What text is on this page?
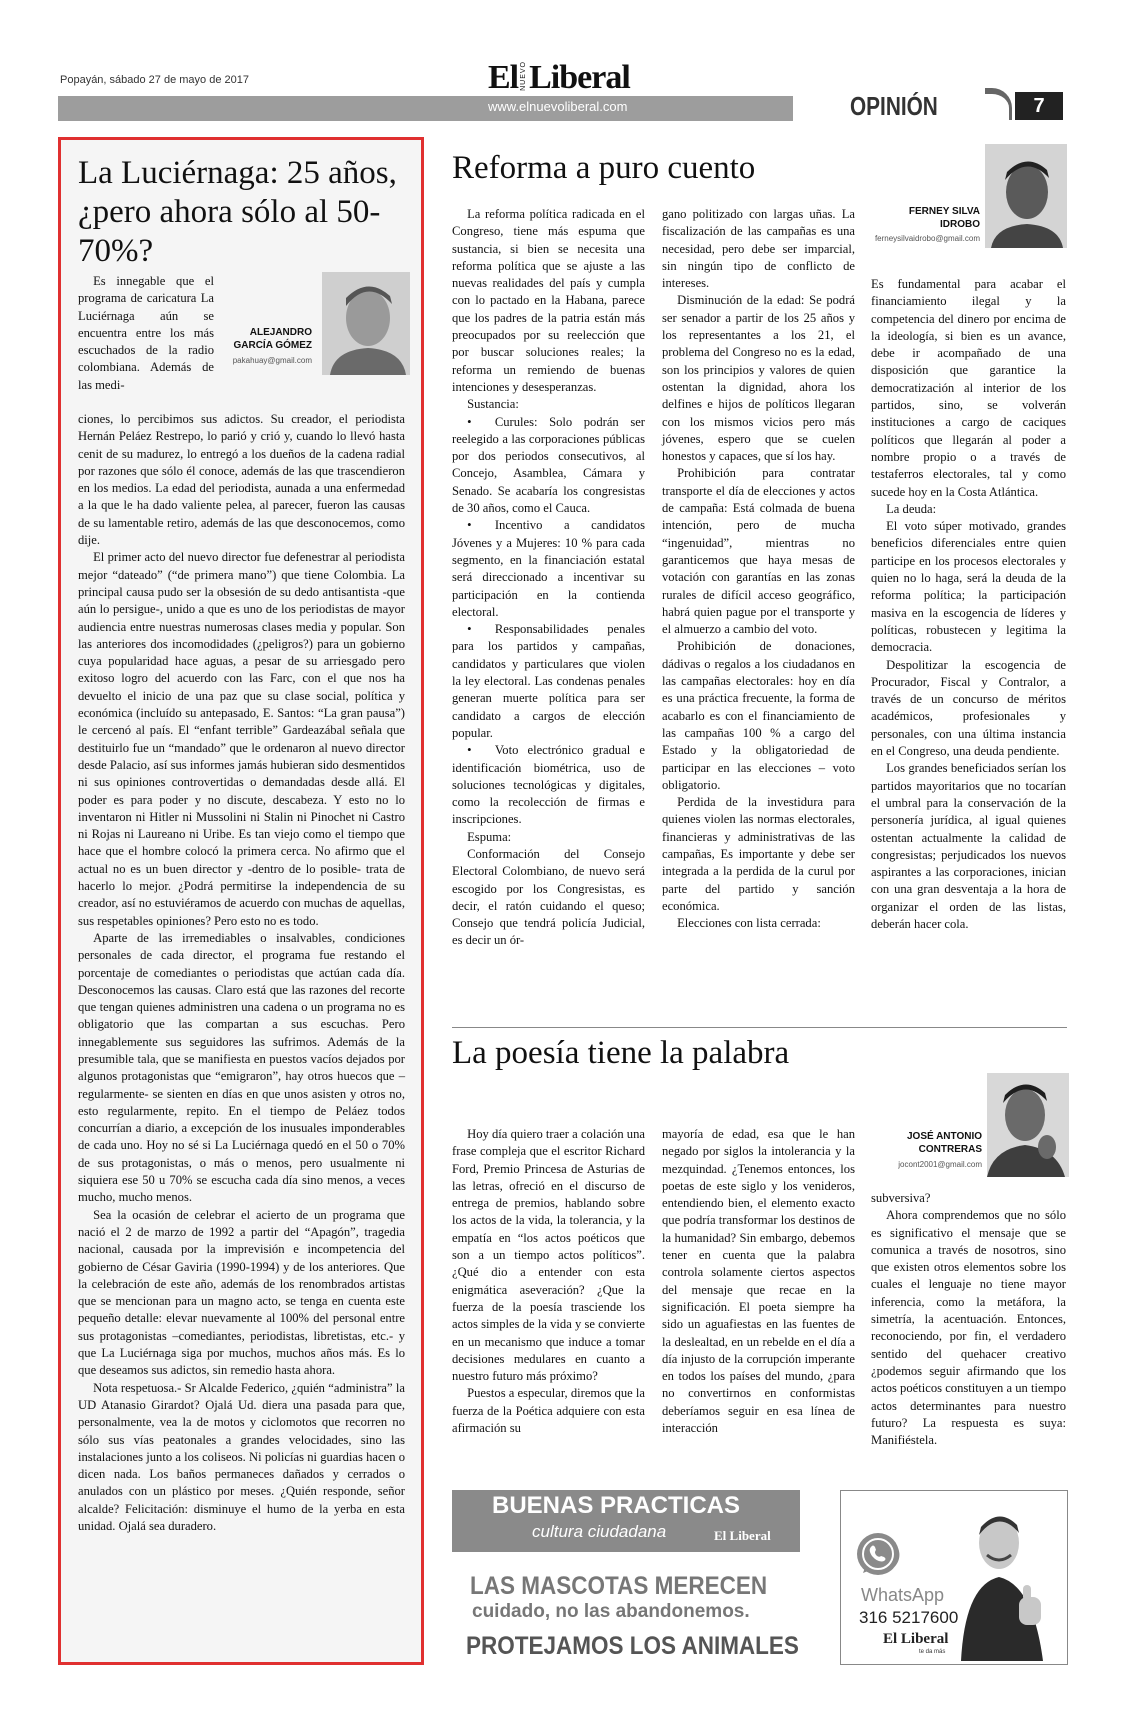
Popayán, sábado 27 de mayo de 2017	El NUEVO Liberal
www.elnuevoliberal.com	OPINIÓN	7
La Luciérnaga: 25 años, ¿pero ahora sólo al 50-70%?
ALEJANDRO GARCÍA GÓMEZ
pakahuay@gmail.com

Es innegable que el programa de caricatura La Luciérnaga aún se encuentra entre los más escuchados de la radio colombiana. Además de las medi-

ciones, lo percibimos sus adictos. Su creador, el periodista Hernán Peláez Restrepo, lo parió y crió y, cuando lo llevó hasta cenit de su madurez, lo entregó a los dueños de la cadena radial por razones que sólo él conoce, además de las que trascendieron en los medios. La edad del periodista, aunada a una enfermedad a la que le ha dado valiente pelea, al parecer, fueron las causas de su lamentable retiro, además de las que desconocemos, como dije.

El primer acto del nuevo director fue defenestrar al periodista mejor “dateado” (“de primera mano”) que tiene Colombia. La principal causa pudo ser la obsesión de su dedo antisantista -que aún lo persigue-, unido a que es uno de los periodistas de mayor audiencia entre nuestras numerosas clases media y popular. Son las anteriores dos incomodidades (¿peligros?) para un gobierno cuya popularidad hace aguas, a pesar de su arriesgado pero exitoso logro del acuerdo con las Farc, con el que nos ha devuelto el inicio de una paz que su clase social, política y económica (incluído su antepasado, E. Santos: “La gran pausa”) le cercenó al país. El “enfant terrible” Gardeazábal señala que destituirlo fue un “mandado” que le ordenaron al nuevo director desde Palacio, así sus informes jamás hubieran sido desmentidos ni sus opiniones controvertidas o demandadas desde allá. El poder es para poder y no discute, descabeza. Y esto no lo inventaron ni Hitler ni Mussolini ni Stalin ni Pinochet ni Castro ni Rojas ni Laureano ni Uribe. Es tan viejo como el tiempo que hace que el hombre colocó la primera cerca. No afirmo que el actual no es un buen director y -dentro de lo posible- trata de hacerlo lo mejor. ¿Podrá permitirse la independencia de su creador, así no estuviéramos de acuerdo con muchas de aquellas, sus respetables opiniones? Pero esto no es todo.

Aparte de las irremediables o insalvables, condiciones personales de cada director, el programa fue restando el porcentaje de comediantes o periodistas que actúan cada día. Desconocemos las causas. Claro está que las razones del recorte que tengan quienes administren una cadena o un programa no es obligatorio que las compartan a sus escuchas. Pero innegablemente sus seguidores las sufrimos. Además de la presumible tala, que se manifiesta en puestos vacíos dejados por algunos protagonistas que “emigraron”, hay otros huecos que –regularmente- se sienten en días en que unos asisten y otros no, esto regularmente, repito. En el tiempo de Peláez todos concurrían a diario, a excepción de los inusuales imponderables de cada uno. Hoy no sé si La Luciérnaga quedó en el 50 o 70% de sus protagonistas, o más o menos, pero usualmente ni siquiera ese 50 u 70% se escucha cada día sino menos, a veces mucho, mucho menos.

Sea la ocasión de celebrar el acierto de un programa que nació el 2 de marzo de 1992 a partir del “Apagón”, tragedia nacional, causada por la imprevisión e incompetencia del gobierno de César Gaviria (1990-1994) y de los anteriores. Que la celebración de este año, además de los renombrados artistas que se mencionan para un magno acto, se tenga en cuenta este pequeño detalle: elevar nuevamente al 100% del personal entre sus protagonistas –comediantes, periodistas, libretistas, etc.- y que La Luciérnaga siga por muchos, muchos años más. Es lo que deseamos sus adictos, sin remedio hasta ahora.

Nota respetuosa.- Sr Alcalde Federico, ¿quién “administra” la UD Atanasio Girardot? Ojalá Ud. diera una pasada para que, personalmente, vea la de motos y ciclomotos que recorren no sólo sus vías peatonales a grandes velocidades, sino las instalaciones junto a los coliseos. Ni policías ni guardias hacen o dicen nada. Los baños permaneces dañados y cerrados o anulados con un plástico por meses. ¿Quién responde, señor alcalde? Felicitación: disminuye el humo de la yerba en esta unidad. Ojalá sea duradero.

Reforma a puro cuento
FERNEY SILVA IDROBO
ferneysilvaidrobo@gmail.com

La reforma política radicada en el Congreso, tiene más espuma que sustancia, si bien se necesita una reforma política que se ajuste a las nuevas realidades del país y cumpla con lo pactado en la Habana, parece que los padres de la patria están más preocupados por su reelección que por buscar soluciones reales; la reforma un remiendo de buenas intenciones y desesperanzas.

Sustancia:

• Curules: Solo podrán ser reelegido a las corporaciones públicas por dos periodos consecutivos, al Concejo, Asamblea, Cámara y Senado. Se acabaría los congresistas de 30 años, como el Cauca.

• Incentivo a candidatos Jóvenes y a Mujeres: 10 % para cada segmento, en la financiación estatal será direccionado a incentivar su participación en la contienda electoral.

• Responsabilidades penales para los partidos y campañas, candidatos y particulares que violen la ley electoral. Las condenas penales generan muerte política para ser candidato a cargos de elección popular.

• Voto electrónico gradual e identificación biométrica, uso de soluciones tecnológicas y digitales, como la recolección de firmas e inscripciones.

Espuma:

Conformación del Consejo Electoral Colombiano, de nuevo será escogido por los Congresistas, es decir, el ratón cuidando el queso; Consejo que tendrá policía Judicial, es decir un ór-

gano politizado con largas uñas. La fiscalización de las campañas es una necesidad, pero debe ser imparcial, sin ningún tipo de conflicto de intereses.

Disminución de la edad: Se podrá ser senador a partir de los 25 años y los representantes a los 21, el problema del Congreso no es la edad, son los principios y valores de quien ostentan la dignidad, ahora los delfines e hijos de políticos llegaran con los mismos vicios pero más jóvenes, espero que se cuelen honestos y capaces, que sí los hay.

Prohibición para contratar transporte el día de elecciones y actos de campaña: Está colmada de buena intención, pero de mucha “ingenuidad”, mientras no garanticemos que haya mesas de votación con garantías en las zonas rurales de difícil acceso geográfico, habrá quien pague por el transporte y el almuerzo a cambio del voto.

Prohibición de donaciones, dádivas o regalos a los ciudadanos en las campañas electorales: hoy en día es una práctica frecuente, la forma de acabarlo es con el financiamiento de las campañas 100 % a cargo del Estado y la obligatoriedad de participar en las elecciones – voto obligatorio.

Perdida de la investidura para quienes violen las normas electorales, financieras y administrativas de las campañas, Es importante y debe ser integrada a la perdida de la curul por parte del partido y sanción económica.

Elecciones con lista cerrada:

Es fundamental para acabar el financiamiento ilegal y la competencia del dinero por encima de la ideología, si bien es un avance, debe ir acompañado de una disposición que garantice la democratización al interior de los partidos, sino, se volverán instituciones a cargo de caciques políticos que llegarán al poder a nombre propio o a través de testaferros electorales, tal y como sucede hoy en la Costa Atlántica.

La deuda:

El voto súper motivado, grandes beneficios diferenciales entre quien participe en los procesos electorales y quien no lo haga, será la deuda de la reforma política; la participación masiva en la escogencia de líderes y políticas, robustecen y legitima la democracia.

Despolitizar la escogencia de Procurador, Fiscal y Contralor, a través de un concurso de méritos académicos, profesionales y personales, con una última instancia en el Congreso, una deuda pendiente.

Los grandes beneficiados serían los partidos mayoritarios que no tocarían el umbral para la conservación de la personería jurídica, al igual quienes ostentan actualmente la calidad de congresistas; perjudicados los nuevos aspirantes a las corporaciones, inician con una gran desventaja a la hora de organizar el orden de las listas, deberán hacer cola.

La poesía tiene la palabra
JOSÉ ANTONIO CONTRERAS
jocont2001@gmail.com

Hoy día quiero traer a colación una frase compleja que el escritor Richard Ford, Premio Princesa de Asturias de las letras, ofreció en el discurso de entrega de premios, hablando sobre los actos de la vida, la tolerancia, y la empatía en “los actos poéticos que son a un tiempo actos políticos”. ¿Qué dio a entender con esta enigmática aseveración? ¿Que la fuerza de la poesía trasciende los actos simples de la vida y se convierte en un mecanismo que induce a tomar decisiones medulares en cuanto a nuestro futuro más próximo?

Puestos a especular, diremos que la fuerza de la Poética adquiere con esta afirmación su

mayoría de edad, esa que le han negado por siglos la intolerancia y la mezquindad. ¿Tenemos entonces, los poetas de este siglo y los venideros, entendiendo bien, el elemento exacto que podría transformar los destinos de la humanidad? Sin embargo, debemos tener en cuenta que la palabra controla solamente ciertos aspectos del mensaje que recae en la significación. El poeta siempre ha sido un aguafiestas en las fuentes de la deslealtad, en un rebelde en el día a día injusto de la corrupción imperante en todos los países del mundo, ¿para no convertirnos en conformistas deberíamos seguir en esa línea de interacción

subversiva?

Ahora comprendemos que no sólo es significativo el mensaje que se comunica a través de nosotros, sino que existen otros elementos sobre los cuales el lenguaje no tiene mayor inferencia, como la metáfora, la simetría, la acentuación. Entonces, reconociendo, por fin, el verdadero sentido del quehacer creativo ¿podemos seguir afirmando que los actos poéticos constituyen a un tiempo actos determinantes para nuestro futuro? La respuesta es suya: Manifiéstela.

BUENAS PRACTICAS
cultura ciudadana	El Liberal
LAS MASCOTAS MERECEN
cuidado, no las abandonemos.
PROTEJAMOS LOS ANIMALES
WhatsApp
316 5217600
El Liberal
te da más
